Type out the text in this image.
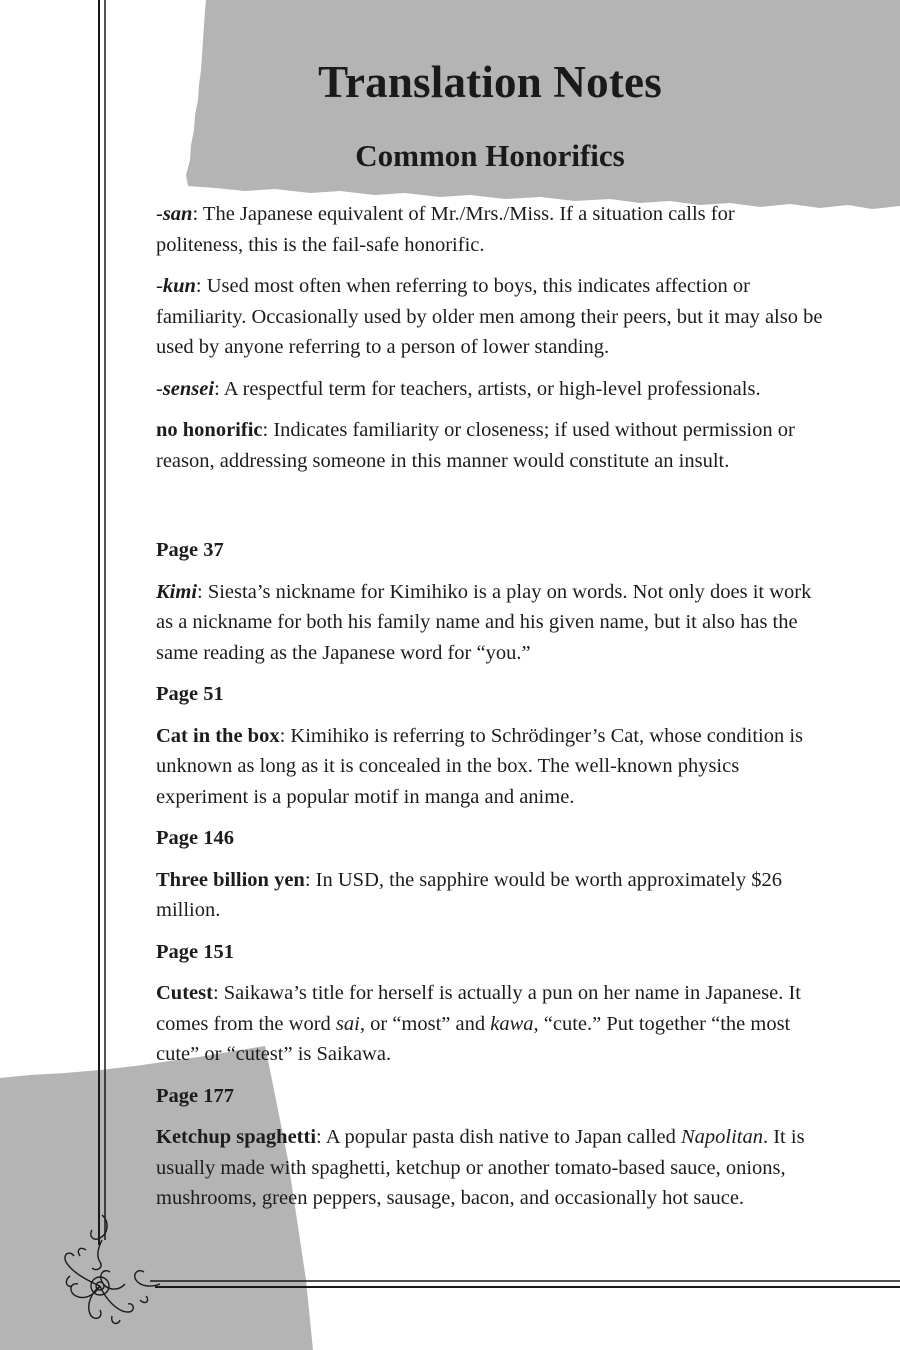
Translation Notes
Common Honorifics

-san: The Japanese equivalent of Mr./Mrs./Miss. If a situation calls for politeness, this is the fail-safe honorific.

-kun: Used most often when referring to boys, this indicates affection or familiarity. Occasionally used by older men among their peers, but it may also be used by anyone referring to a person of lower standing.

-sensei: A respectful term for teachers, artists, or high-level professionals.

no honorific: Indicates familiarity or closeness; if used without permission or reason, addressing someone in this manner would constitute an insult.

Page 37

Kimi: Siesta’s nickname for Kimihiko is a play on words. Not only does it work as a nickname for both his family name and his given name, but it also has the same reading as the Japanese word for “you.”

Page 51

Cat in the box: Kimihiko is referring to Schrödinger’s Cat, whose condition is unknown as long as it is concealed in the box. The well-known physics experiment is a popular motif in manga and anime.

Page 146

Three billion yen: In USD, the sapphire would be worth approximately $26 million.

Page 151

Cutest: Saikawa’s title for herself is actually a pun on her name in Japanese. It comes from the word sai, or “most” and kawa, “cute.” Put together “the most cute” or “cutest” is Saikawa.

Page 177

Ketchup spaghetti: A popular pasta dish native to Japan called Napolitan. It is usually made with spaghetti, ketchup or another tomato-based sauce, onions, mushrooms, green peppers, sausage, bacon, and occasionally hot sauce.
